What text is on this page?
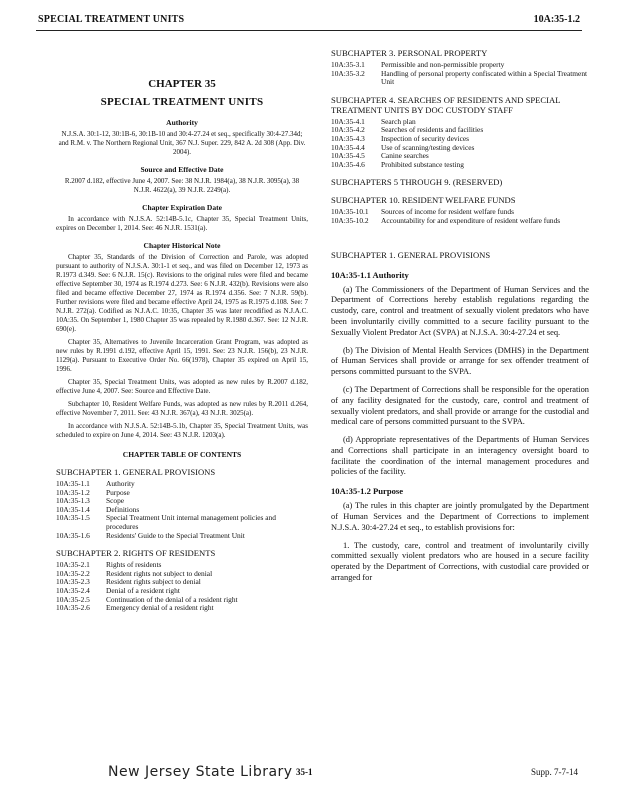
SPECIAL TREATMENT UNITS	10A:35-1.2
CHAPTER 35
SPECIAL TREATMENT UNITS
Authority
N.J.S.A. 30:1-12, 30:1B-6, 30:1B-10 and 30:4-27.24 et seq., specifically 30:4-27.34d; and R.M. v. The Northern Regional Unit, 367 N.J. Super. 229, 842 A. 2d 308 (App. Div. 2004).
Source and Effective Date
R.2007 d.182, effective June 4, 2007. See: 38 N.J.R. 1984(a), 38 N.J.R. 3095(a), 38 N.J.R. 4622(a), 39 N.J.R. 2249(a).
Chapter Expiration Date
In accordance with N.J.S.A. 52:14B-5.1c, Chapter 35, Special Treatment Units, expires on December 1, 2014. See: 46 N.J.R. 1531(a).
Chapter Historical Note
Chapter 35, Standards of the Division of Correction and Parole, was adopted pursuant to authority of N.J.S.A. 30:1-1 et seq., and was filed on December 12, 1973 as R.1973 d.349. See: 6 N.J.R. 15(c). Revisions to the original rules were filed and became effective September 30, 1974 as R.1974 d.273. See: 6 N.J.R. 432(b). Revisions were also filed and became effective December 27, 1974 as R.1974 d.356. See: 7 N.J.R. 59(b). Further revisions were filed and became effective April 24, 1975 as R.1975 d.108. See: 7 N.J.R. 272(a). Codified as N.J.A.C. 10:35, Chapter 35 was later recodified as N.J.A.C. 10A:35. On September 1, 1980 Chapter 35 was repealed by R.1980 d.367. See: 12 N.J.R. 690(e).
Chapter 35, Alternatives to Juvenile Incarceration Grant Program, was adopted as new rules by R.1991 d.192, effective April 15, 1991. See: 23 N.J.R. 156(b), 23 N.J.R. 1129(a). Pursuant to Executive Order No. 66(1978), Chapter 35 expired on April 15, 1996.
Chapter 35, Special Treatment Units, was adopted as new rules by R.2007 d.182, effective June 4, 2007. See: Source and Effective Date.
Subchapter 10, Resident Welfare Funds, was adopted as new rules by R.2011 d.264, effective November 7, 2011. See: 43 N.J.R. 367(a), 43 N.J.R. 3025(a).
In accordance with N.J.S.A. 52:14B-5.1b, Chapter 35, Special Treatment Units, was scheduled to expire on June 4, 2014. See: 43 N.J.R. 1203(a).
CHAPTER TABLE OF CONTENTS
SUBCHAPTER 1. GENERAL PROVISIONS
10A:35-1.1	Authority
10A:35-1.2	Purpose
10A:35-1.3	Scope
10A:35-1.4	Definitions
10A:35-1.5	Special Treatment Unit internal management policies and procedures
10A:35-1.6	Residents' Guide to the Special Treatment Unit
SUBCHAPTER 2. RIGHTS OF RESIDENTS
10A:35-2.1	Rights of residents
10A:35-2.2	Resident rights not subject to denial
10A:35-2.3	Resident rights subject to denial
10A:35-2.4	Denial of a resident right
10A:35-2.5	Continuation of the denial of a resident right
10A:35-2.6	Emergency denial of a resident right
SUBCHAPTER 3. PERSONAL PROPERTY
10A:35-3.1	Permissible and non-permissible property
10A:35-3.2	Handling of personal property confiscated within a Special Treatment Unit
SUBCHAPTER 4. SEARCHES OF RESIDENTS AND SPECIAL TREATMENT UNITS BY DOC CUSTODY STAFF
10A:35-4.1	Search plan
10A:35-4.2	Searches of residents and facilities
10A:35-4.3	Inspection of security devices
10A:35-4.4	Use of scanning/testing devices
10A:35-4.5	Canine searches
10A:35-4.6	Prohibited substance testing
SUBCHAPTERS 5 THROUGH 9. (RESERVED)
SUBCHAPTER 10. RESIDENT WELFARE FUNDS
10A:35-10.1	Sources of income for resident welfare funds
10A:35-10.2	Accountability for and expenditure of resident welfare funds
SUBCHAPTER 1. GENERAL PROVISIONS
10A:35-1.1 Authority
(a) The Commissioners of the Department of Human Services and the Department of Corrections hereby establish regulations regarding the custody, care, control and treatment of sexually violent predators who have been involuntarily civilly committed to a secure facility pursuant to the Sexually Violent Predator Act (SVPA) at N.J.S.A. 30:4-27.24 et seq.
(b) The Division of Mental Health Services (DMHS) in the Department of Human Services shall provide or arrange for sex offender treatment of persons committed pursuant to the SVPA.
(c) The Department of Corrections shall be responsible for the operation of any facility designated for the custody, care, control and treatment of sexually violent predators, and shall provide or arrange for the custodial and medical care of persons committed pursuant to the SVPA.
(d) Appropriate representatives of the Departments of Human Services and Corrections shall participate in an interagency oversight board to facilitate the coordination of the internal management procedures and policies of the facility.
10A:35-1.2 Purpose
(a) The rules in this chapter are jointly promulgated by the Department of Human Services and the Department of Corrections to implement N.J.S.A. 30:4-27.24 et seq., to establish provisions for:
1. The custody, care, control and treatment of involuntarily civilly committed sexually violent predators who are housed in a secure facility operated by the Department of Corrections, with custodial care provided or arranged for
New Jersey State Library 35-1	Supp. 7-7-14
